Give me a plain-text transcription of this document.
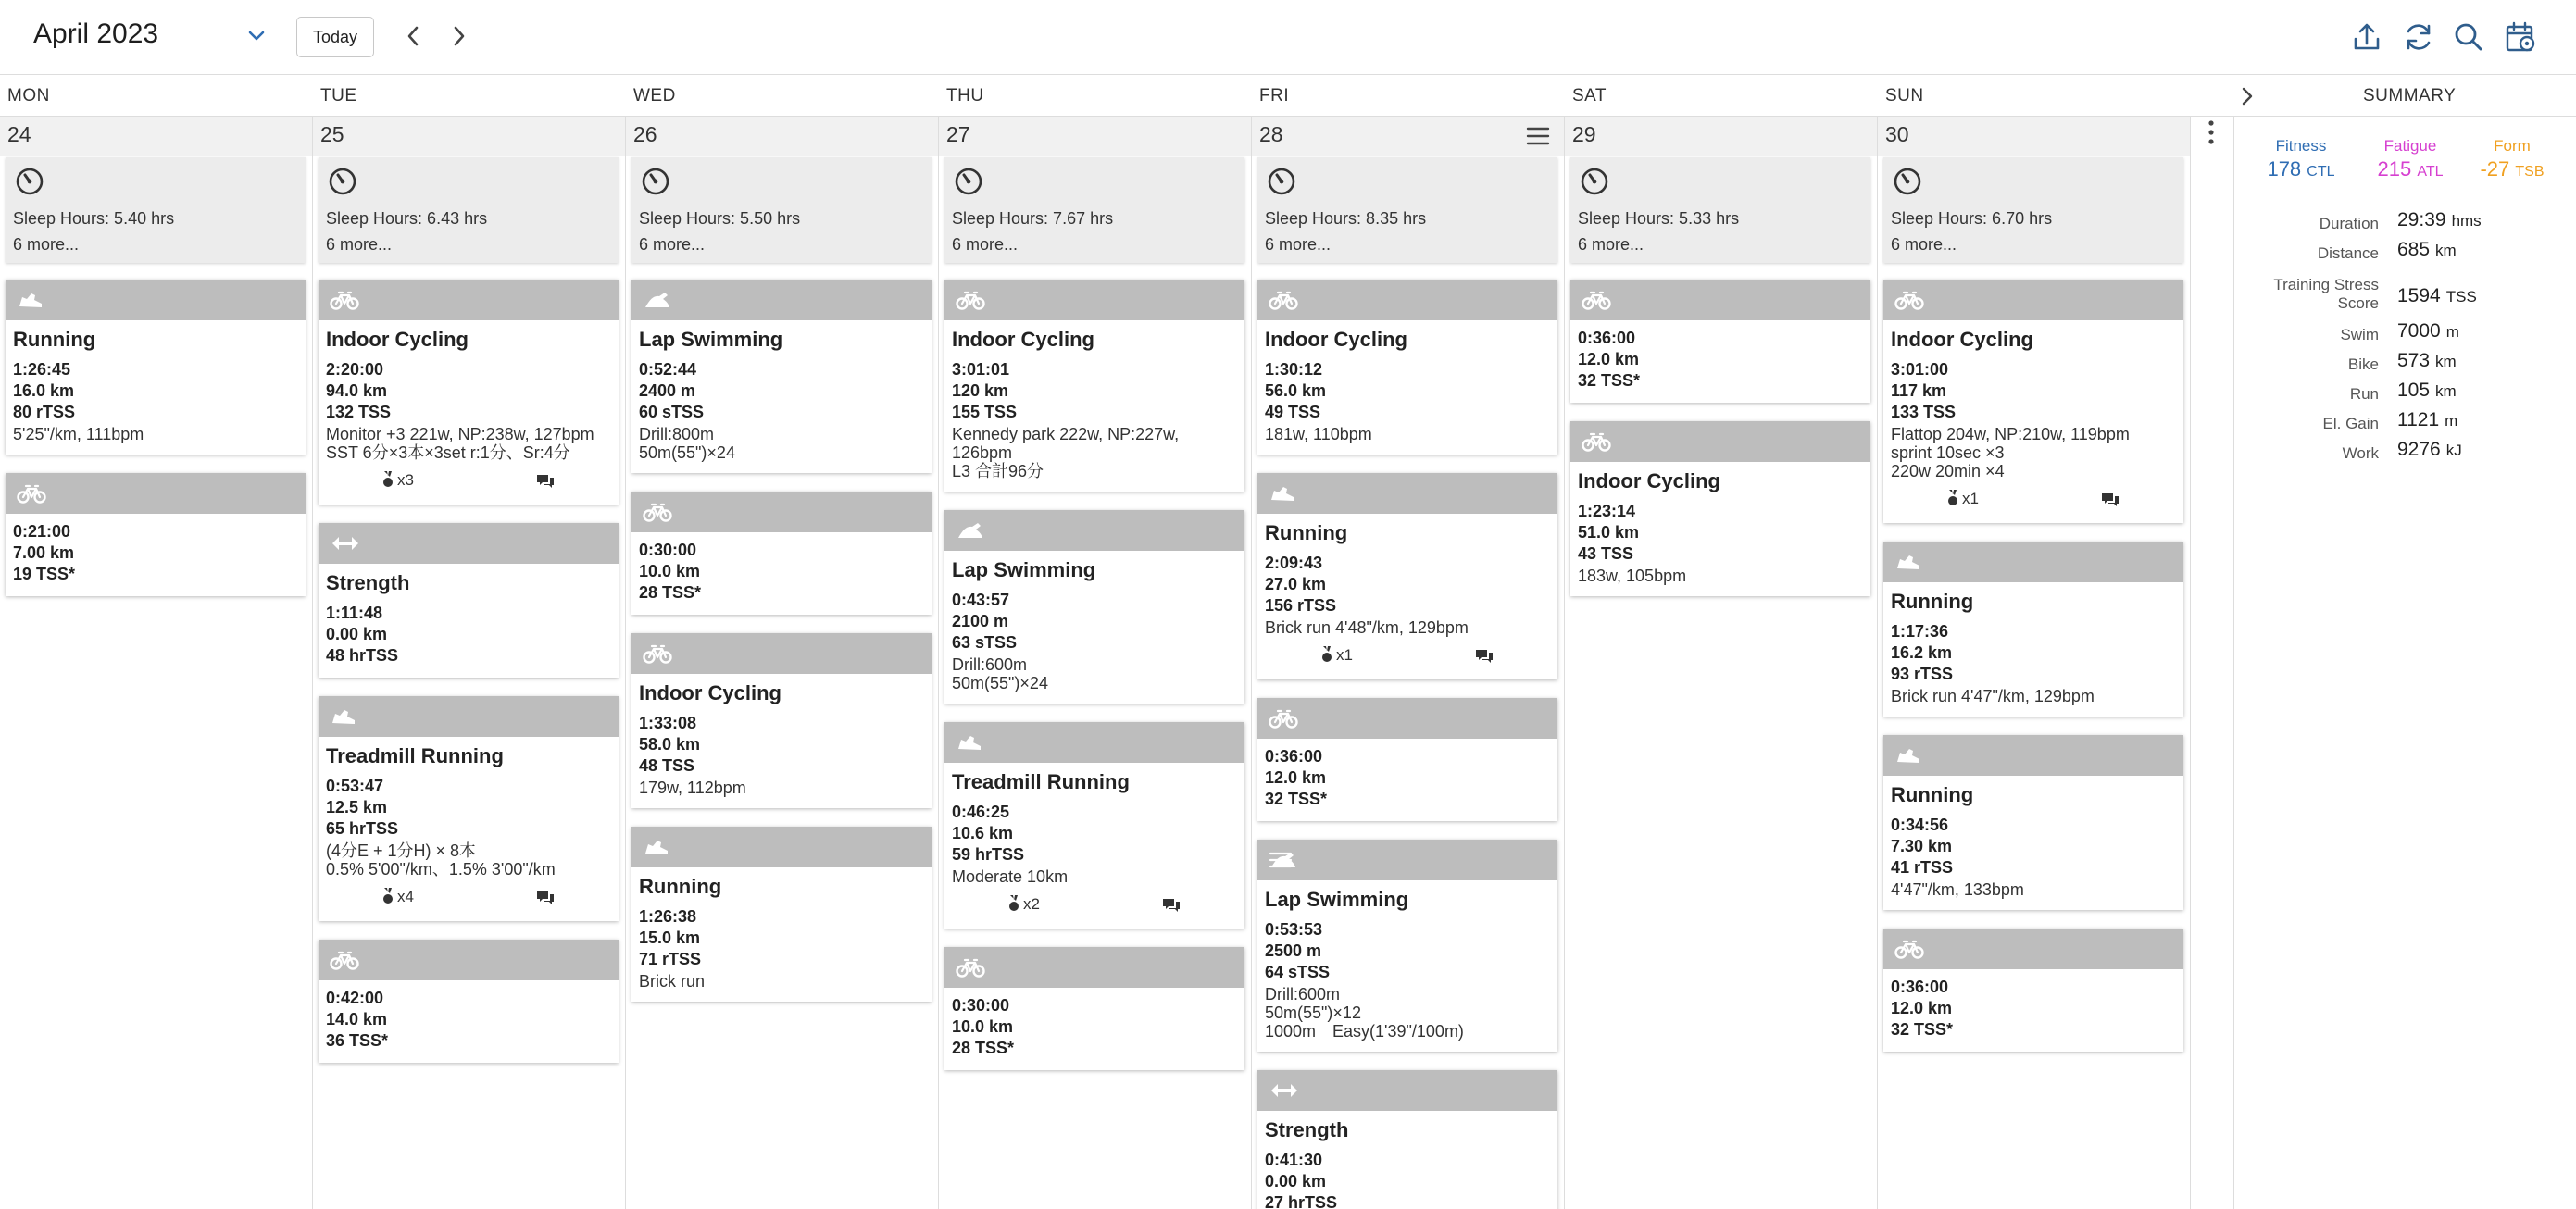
April 2023	Today
MON	TUE	WED	THU	FRI	SAT	SUN	SUMMARY
24	25	26	27	28	29	30
Sleep Hours: 5.40 hrs
6 more...
Running
1:26:45
16.0 km
80 rTSS
5'25"/km, 111bpm
0:21:00
7.00 km
19 TSS*
Sleep Hours: 6.43 hrs
6 more...
Indoor Cycling
2:20:00
94.0 km
132 TSS
Monitor +3 221w, NP:238w, 127bpm
SST 6分×3本×3set r:1分、Sr:4分
x3
Strength
1:11:48
0.00 km
48 hrTSS
Treadmill Running
0:53:47
12.5 km
65 hrTSS
(4分E + 1分H) × 8本
0.5% 5'00"/km、1.5% 3'00"/km
x4
0:42:00
14.0 km
36 TSS*
Sleep Hours: 5.50 hrs
6 more...
Lap Swimming
0:52:44
2400 m
60 sTSS
Drill:800m
50m(55")×24
0:30:00
10.0 km
28 TSS*
Indoor Cycling
1:33:08
58.0 km
48 TSS
179w, 112bpm
Running
1:26:38
15.0 km
71 rTSS
Brick run
Sleep Hours: 7.67 hrs
6 more...
Indoor Cycling
3:01:01
120 km
155 TSS
Kennedy park 222w, NP:227w,
126bpm
L3 合計96分
Lap Swimming
0:43:57
2100 m
63 sTSS
Drill:600m
50m(55")×24
Treadmill Running
0:46:25
10.6 km
59 hrTSS
Moderate 10km
x2
0:30:00
10.0 km
28 TSS*
Sleep Hours: 8.35 hrs
6 more...
Indoor Cycling
1:30:12
56.0 km
49 TSS
181w, 110bpm
Running
2:09:43
27.0 km
156 rTSS
Brick run 4'48"/km, 129bpm
x1
0:36:00
12.0 km
32 TSS*
Lap Swimming
0:53:53
2500 m
64 sTSS
Drill:600m
50m(55")×12
1000m　Easy(1'39"/100m)
Strength
0:41:30
0.00 km
27 hrTSS
Sleep Hours: 5.33 hrs
6 more...
0:36:00
12.0 km
32 TSS*
Indoor Cycling
1:23:14
51.0 km
43 TSS
183w, 105bpm
Sleep Hours: 6.70 hrs
6 more...
Indoor Cycling
3:01:00
117 km
133 TSS
Flattop 204w, NP:210w, 119bpm
sprint 10sec ×3
220w 20min ×4
x1
Running
1:17:36
16.2 km
93 rTSS
Brick run 4'47"/km, 129bpm
Running
0:34:56
7.30 km
41 rTSS
4'47"/km, 133bpm
0:36:00
12.0 km
32 TSS*
Fitness
178 CTL
Fatigue
215 ATL
Form
-27 TSB
Duration 29:39 hms
Distance 685 km
Training Stress Score 1594 TSS
Swim 7000 m
Bike 573 km
Run 105 km
El. Gain 1121 m
Work 9276 kJ
